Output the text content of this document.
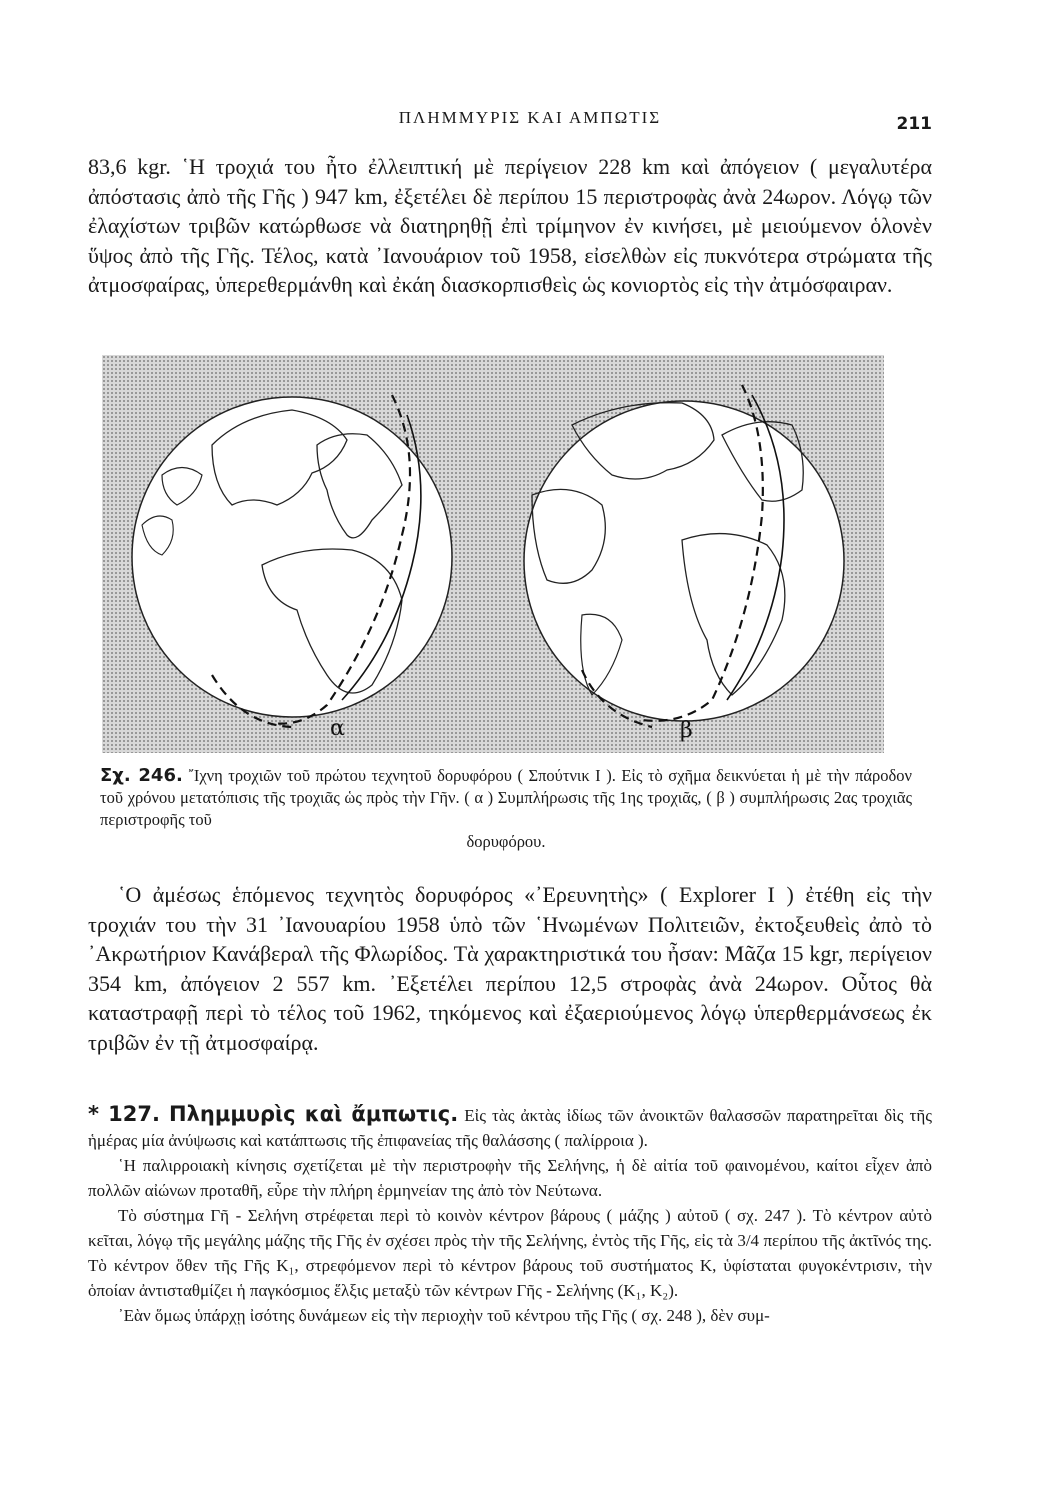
ΠΛΗΜΜΥΡΙΣ ΚΑΙ ΑΜΠΩΤΙΣ	211

83,6 kgr. ῾Η τροχιά του ἦτο ἐλλειπτική μὲ περίγειον 228 km καὶ ἀπόγειον ( μεγαλυτέρα ἀπόστασις ἀπὸ τῆς Γῆς ) 947 km, ἐξετέλει δὲ περίπου 15 περιστροφὰς ἀνὰ 24ωρον. Λόγῳ τῶν ἐλαχίστων τριβῶν κατώρθωσε νὰ διατηρηθῇ ἐπὶ τρίμηνον ἐν κινήσει, μὲ μειούμενον ὁλονὲν ὕψος ἀπὸ τῆς Γῆς. Τέλος, κατὰ ᾿Ιανουάριον τοῦ 1958, εἰσελθὼν εἰς πυκνότερα στρώματα τῆς ἀτμοσφαίρας, ὑπερεθερμάνθη καὶ ἐκάη διασκορπισθεὶς ὡς κονιορτὸς εἰς τὴν ἀτμόσφαιραν.

α	β
Σχ. 246. ῎Ιχνη τροχιῶν τοῦ πρώτου τεχνητοῦ δορυφόρου ( Σπούτνικ Ι ). Εἰς τὸ σχῆμα δεικνύεται ἡ μὲ τὴν πάροδον τοῦ χρόνου μετατόπισις τῆς τροχιᾶς ὡς πρὸς τὴν Γῆν. ( α ) Συμπλήρωσις τῆς 1ης τροχιᾶς, ( β ) συμπλήρωσις 2ας τροχιᾶς περιστροφῆς τοῦ
δορυφόρου.

῾Ο ἀμέσως ἑπόμενος τεχνητὸς δορυφόρος «᾿Ερευνητὴς» ( Explorer I ) ἐτέθη εἰς τὴν τροχιάν του τὴν 31 ᾿Ιανουαρίου 1958 ὑπὸ τῶν ῾Ηνωμένων Πολιτειῶν, ἐκτοξευθεὶς ἀπὸ τὸ ᾿Ακρωτήριον Κανάβεραλ τῆς Φλωρίδος. Τὰ χαρακτηριστικά του ἦσαν: Μᾶζα 15 kgr, περίγειον 354 km, ἀπόγειον 2 557 km. ᾿Εξετέλει περίπου 12,5 στροφὰς ἀνὰ 24ωρον. Οὗτος θὰ καταστραφῇ περὶ τὸ τέλος τοῦ 1962, τηκόμενος καὶ ἐξαεριούμενος λόγῳ ὑπερθερμάνσεως ἐκ τριβῶν ἐν τῇ ἀτμοσφαίρᾳ.

* 127. Πλημμυρὶς καὶ ἄμπωτις. Εἰς τὰς ἀκτὰς ἰδίως τῶν ἀνοικτῶν θαλασσῶν παρατηρεῖται δὶς τῆς ἡμέρας μία ἀνύψωσις καὶ κατάπτωσις τῆς ἐπιφανείας τῆς θαλάσσης ( παλίρροια ).

῾Η παλιρροιακὴ κίνησις σχετίζεται μὲ τὴν περιστροφὴν τῆς Σελήνης, ἡ δὲ αἰτία τοῦ φαινομένου, καίτοι εἶχεν ἀπὸ πολλῶν αἰώνων προταθῆ, εὗρε τὴν πλήρη ἑρμηνείαν της ἀπὸ τὸν Νεύτωνα.

Τὸ σύστημα Γῆ - Σελήνη στρέφεται περὶ τὸ κοινὸν κέντρον βάρους ( μάζης ) αὐτοῦ ( σχ. 247 ). Τὸ κέντρον αὐτὸ κεῖται, λόγῳ τῆς μεγάλης μάζης τῆς Γῆς ἐν σχέσει πρὸς τὴν τῆς Σελήνης, ἐντὸς τῆς Γῆς, εἰς τὰ 3/4 περίπου τῆς ἀκτῖνός της. Τὸ κέντρον ὅθεν τῆς Γῆς K₁, στρεφόμενον περὶ τὸ κέντρον βάρους τοῦ συστήματος K, ὑφίσταται φυγοκέντρισιν, τὴν ὁποίαν ἀντισταθμίζει ἡ παγκόσμιος ἕλξις μεταξὺ τῶν κέντρων Γῆς - Σελήνης (K₁, K₂).

᾿Εὰν ὅμως ὑπάρχῃ ἰσότης δυνάμεων εἰς τὴν περιοχὴν τοῦ κέντρου τῆς Γῆς ( σχ. 248 ), δὲν συμ-
